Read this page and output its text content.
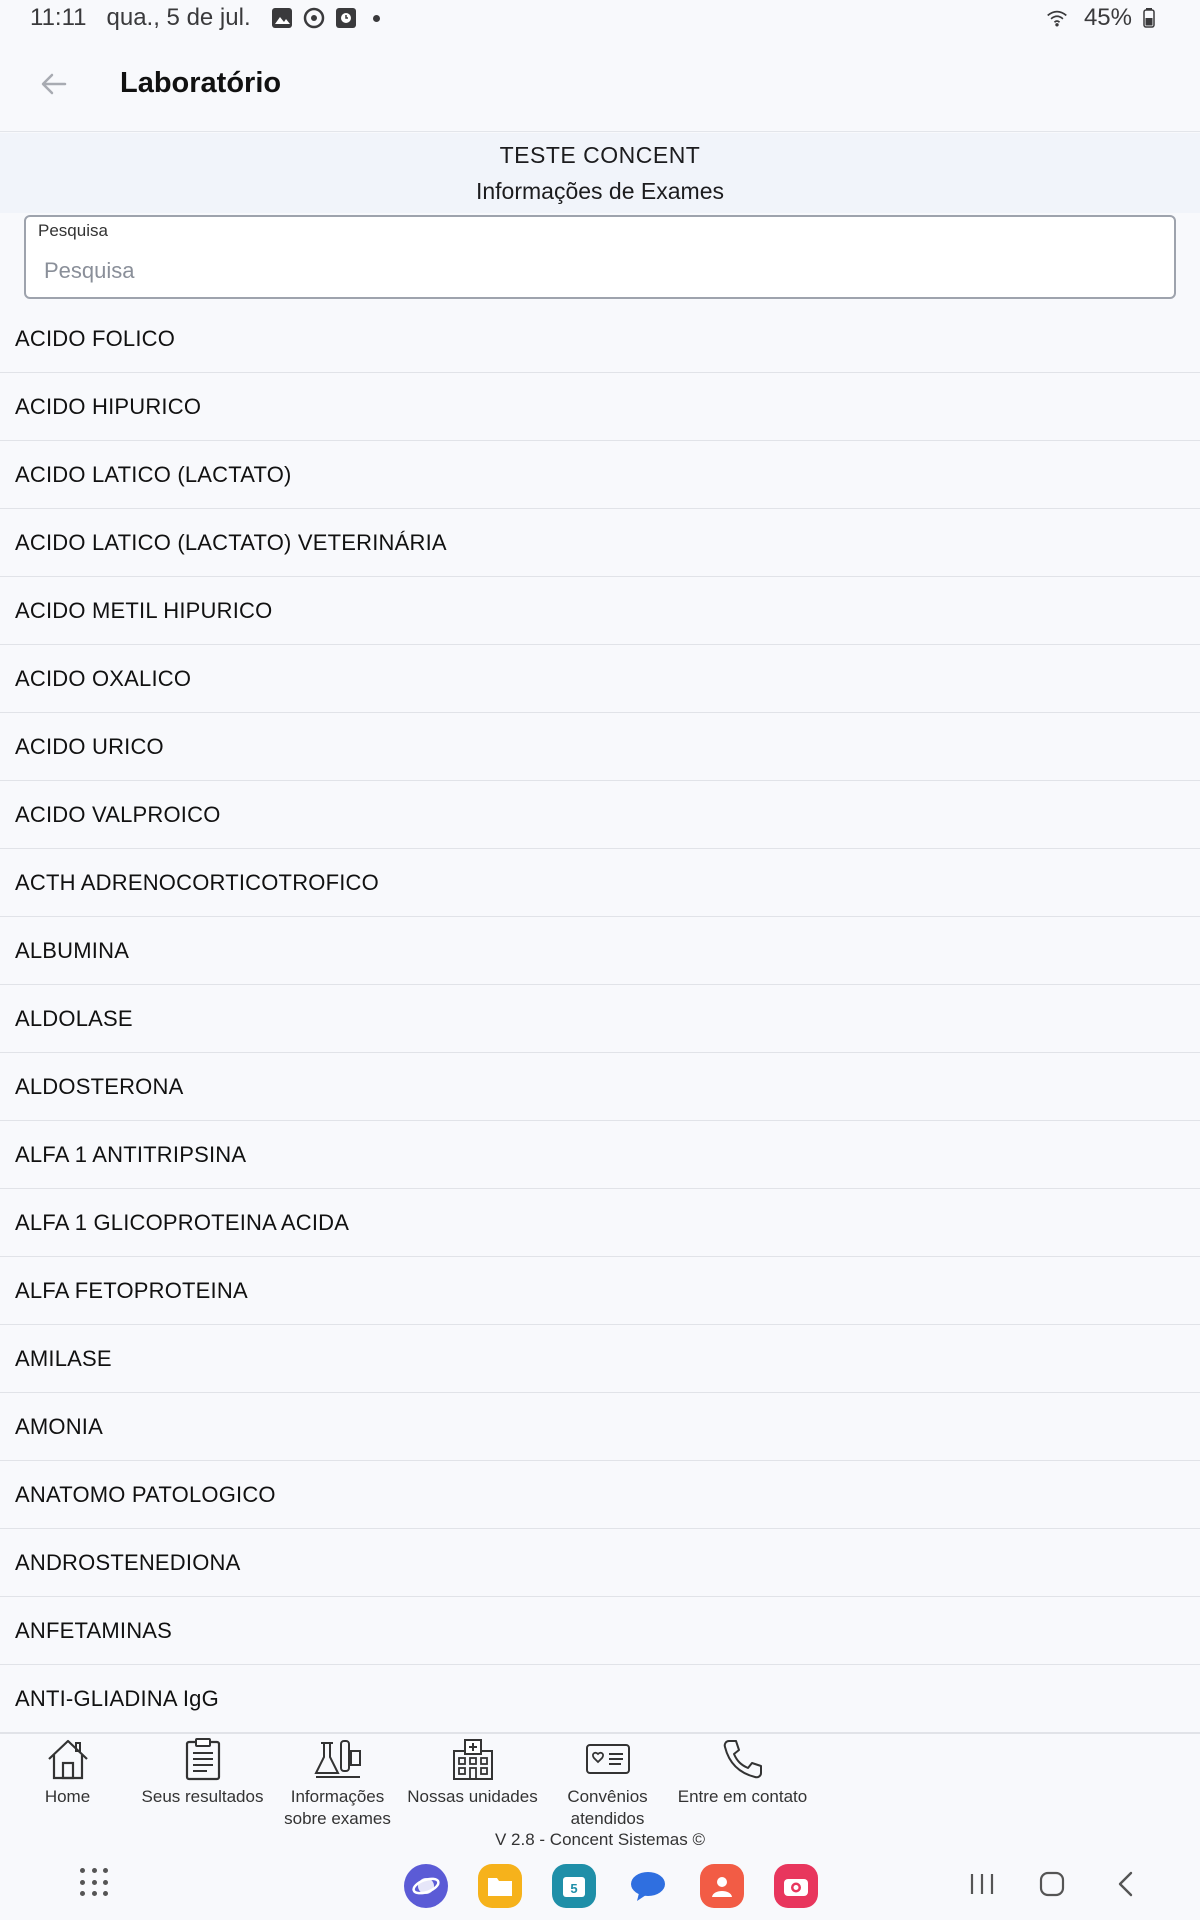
11:11 qua., 5 de jul.	45%
Laboratório
TESTE CONCENT
Informações de Exames
Pesquisa
Pesquisa
ACIDO FOLICO
ACIDO HIPURICO
ACIDO LATICO (LACTATO)
ACIDO LATICO (LACTATO) VETERINÁRIA
ACIDO METIL HIPURICO
ACIDO OXALICO
ACIDO URICO
ACIDO VALPROICO
ACTH ADRENOCORTICOTROFICO
ALBUMINA
ALDOLASE
ALDOSTERONA
ALFA 1 ANTITRIPSINA
ALFA 1 GLICOPROTEINA ACIDA
ALFA FETOPROTEINA
AMILASE
AMONIA
ANATOMO PATOLOGICO
ANDROSTENEDIONA
ANFETAMINAS
ANTI-GLIADINA IgG
Home	Seus resultados	Informações
sobre exames
Nossas unidades Convênios
atendidos
Entre em contato
V 2.8 - Concent Sistemas ©
5
